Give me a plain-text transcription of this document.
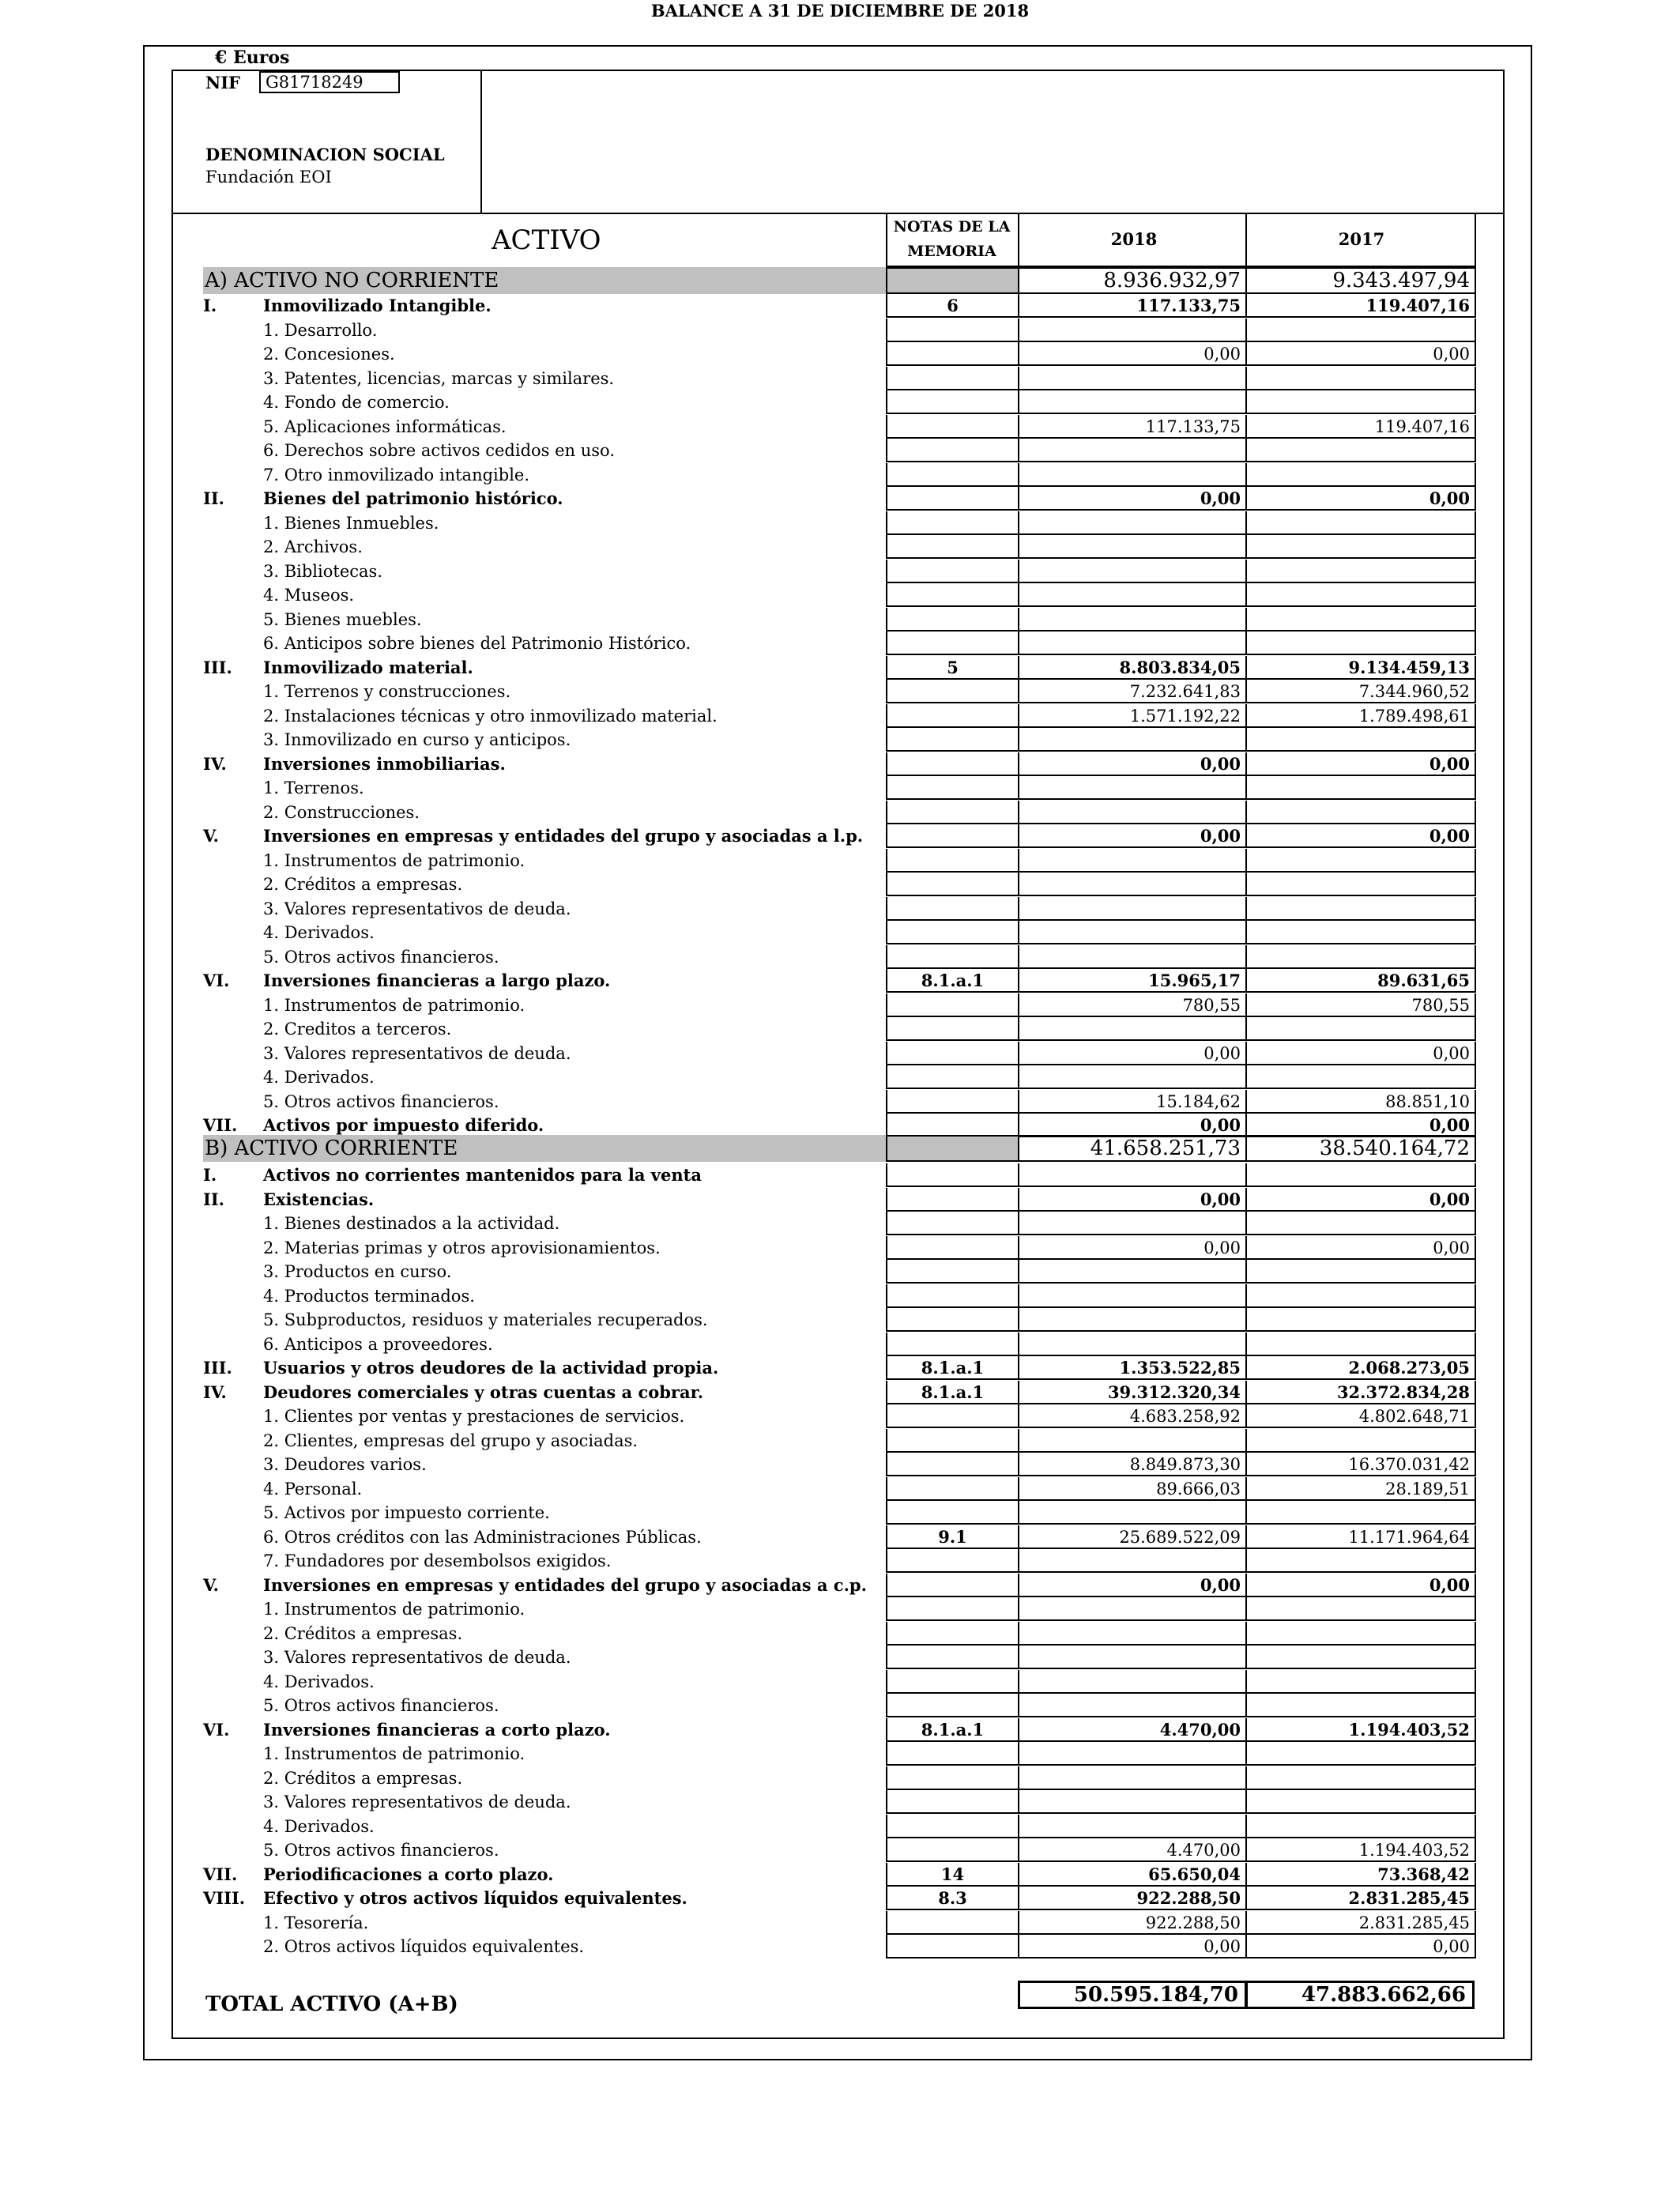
BALANCE A 31 DE DICIEMBRE DE 2018
€ Euros
NIF	G81718249
DENOMINACION SOCIAL
Fundación EOI
ACTIVO	NOTAS DE LA MEMORIA
2018	2017
A) ACTIVO NO CORRIENTE	8.936.932,97	9.343.497,94
I.	Inmovilizado Intangible.	6	117.133,75	119.407,16
1. Desarrollo.
2. Concesiones.	0,00	0,00
3. Patentes, licencias, marcas y similares.
4. Fondo de comercio.
5. Aplicaciones informáticas.	117.133,75	119.407,16
6. Derechos sobre activos cedidos en uso.
7. Otro inmovilizado intangible.
II.	Bienes del patrimonio histórico.	0,00	0,00
1. Bienes Inmuebles.
2. Archivos.
3. Bibliotecas.
4. Museos.
5. Bienes muebles.
6. Anticipos sobre bienes del Patrimonio Histórico.
III.	Inmovilizado material.	5	8.803.834,05	9.134.459,13
1. Terrenos y construcciones.	7.232.641,83	7.344.960,52
2. Instalaciones técnicas y otro inmovilizado material.	1.571.192,22	1.789.498,61
3. Inmovilizado en curso y anticipos.
IV.	Inversiones inmobiliarias.	0,00	0,00
1. Terrenos.
2. Construcciones.
V.	Inversiones en empresas y entidades del grupo y asociadas a l.p.	0,00	0,00
1. Instrumentos de patrimonio.
2. Créditos a empresas.
3. Valores representativos de deuda.
4. Derivados.
5. Otros activos financieros.
VI.	Inversiones financieras a largo plazo.	8.1.a.1	15.965,17	89.631,65
1. Instrumentos de patrimonio.	780,55	780,55
2. Creditos a terceros.
3. Valores representativos de deuda.	0,00	0,00
4. Derivados.
5. Otros activos financieros.	15.184,62	88.851,10
VII.	Activos por impuesto diferido.	0,00	0,00
B) ACTIVO CORRIENTE	41.658.251,73	38.540.164,72
I.	Activos no corrientes mantenidos para la venta
II.	Existencias.	0,00	0,00
1. Bienes destinados a la actividad.
2. Materias primas y otros aprovisionamientos.	0,00	0,00
3. Productos en curso.
4. Productos terminados.
5. Subproductos, residuos y materiales recuperados.
6. Anticipos a proveedores.
III.	Usuarios y otros deudores de la actividad propia.	8.1.a.1	1.353.522,85	2.068.273,05
IV.	Deudores comerciales y otras cuentas a cobrar.	8.1.a.1	39.312.320,34	32.372.834,28
1. Clientes por ventas y prestaciones de servicios.	4.683.258,92	4.802.648,71
2. Clientes, empresas del grupo y asociadas.
3. Deudores varios.	8.849.873,30	16.370.031,42
4. Personal.	89.666,03	28.189,51
5. Activos por impuesto corriente.
6. Otros créditos con las Administraciones Públicas.	9.1	25.689.522,09	11.171.964,64
7. Fundadores por desembolsos exigidos.
V.	Inversiones en empresas y entidades del grupo y asociadas a c.p.	0,00	0,00
1. Instrumentos de patrimonio.
2. Créditos a empresas.
3. Valores representativos de deuda.
4. Derivados.
5. Otros activos financieros.
VI.	Inversiones financieras a corto plazo.	8.1.a.1	4.470,00	1.194.403,52
1. Instrumentos de patrimonio.
2. Créditos a empresas.
3. Valores representativos de deuda.
4. Derivados.
5. Otros activos financieros.	4.470,00	1.194.403,52
VII.	Periodificaciones a corto plazo.	14	65.650,04	73.368,42
VIII.	Efectivo y otros activos líquidos equivalentes.	8.3	922.288,50	2.831.285,45
1. Tesorería.	922.288,50	2.831.285,45
2. Otros activos líquidos equivalentes.	0,00	0,00
TOTAL ACTIVO (A+B)	50.595.184,70	47.883.662,66
